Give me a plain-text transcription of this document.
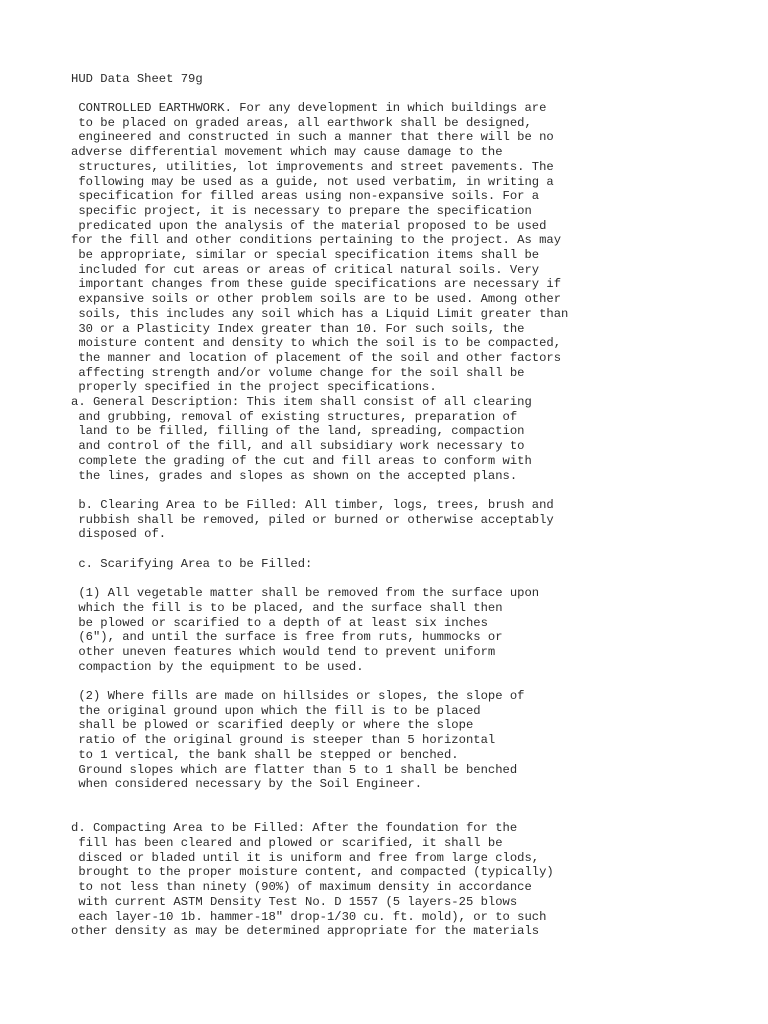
HUD Data Sheet 79g

CONTROLLED EARTHWORK. For any development in which buildings are

to be placed on graded areas, all earthwork shall be designed,

engineered and constructed in such a manner that there will be no

adverse differential movement which may cause damage to the

structures, utilities, lot improvements and street pavements. The

following may be used as a guide, not used verbatim, in writing a

specification for filled areas using non-expansive soils. For a

specific project, it is necessary to prepare the specification

predicated upon the analysis of the material proposed to be used

for the fill and other conditions pertaining to the project. As may

be appropriate, similar or special specification items shall be

included for cut areas or areas of critical natural soils. Very

important changes from these guide specifications are necessary if

expansive soils or other problem soils are to be used. Among other

soils, this includes any soil which has a Liquid Limit greater than

30 or a Plasticity Index greater than 10. For such soils, the

moisture content and density to which the soil is to be compacted,

the manner and location of placement of the soil and other factors

affecting strength and/or volume change for the soil shall be

properly specified in the project specifications.

a. General Description: This item shall consist of all clearing

and grubbing, removal of existing structures, preparation of

land to be filled, filling of the land, spreading, compaction

and control of the fill, and all subsidiary work necessary to

complete the grading of the cut and fill areas to conform with

the lines, grades and slopes as shown on the accepted plans.

b. Clearing Area to be Filled: All timber, logs, trees, brush and

rubbish shall be removed, piled or burned or otherwise acceptably

disposed of.

c. Scarifying Area to be Filled:

(1) All vegetable matter shall be removed from the surface upon

which the fill is to be placed, and the surface shall then

be plowed or scarified to a depth of at least six inches

(6"), and until the surface is free from ruts, hummocks or

other uneven features which would tend to prevent uniform

compaction by the equipment to be used.

(2) Where fills are made on hillsides or slopes, the slope of

the original ground upon which the fill is to be placed

shall be plowed or scarified deeply or where the slope

ratio of the original ground is steeper than 5 horizontal

to 1 vertical, the bank shall be stepped or benched.

Ground slopes which are flatter than 5 to 1 shall be benched

when considered necessary by the Soil Engineer.

d. Compacting Area to be Filled: After the foundation for the

fill has been cleared and plowed or scarified, it shall be

disced or bladed until it is uniform and free from large clods,

brought to the proper moisture content, and compacted (typically)

to not less than ninety (90%) of maximum density in accordance

with current ASTM Density Test No. D 1557 (5 layers-25 blows

each layer-10 1b. hammer-18" drop-1/30 cu. ft. mold), or to such

other density as may be determined appropriate for the materials
